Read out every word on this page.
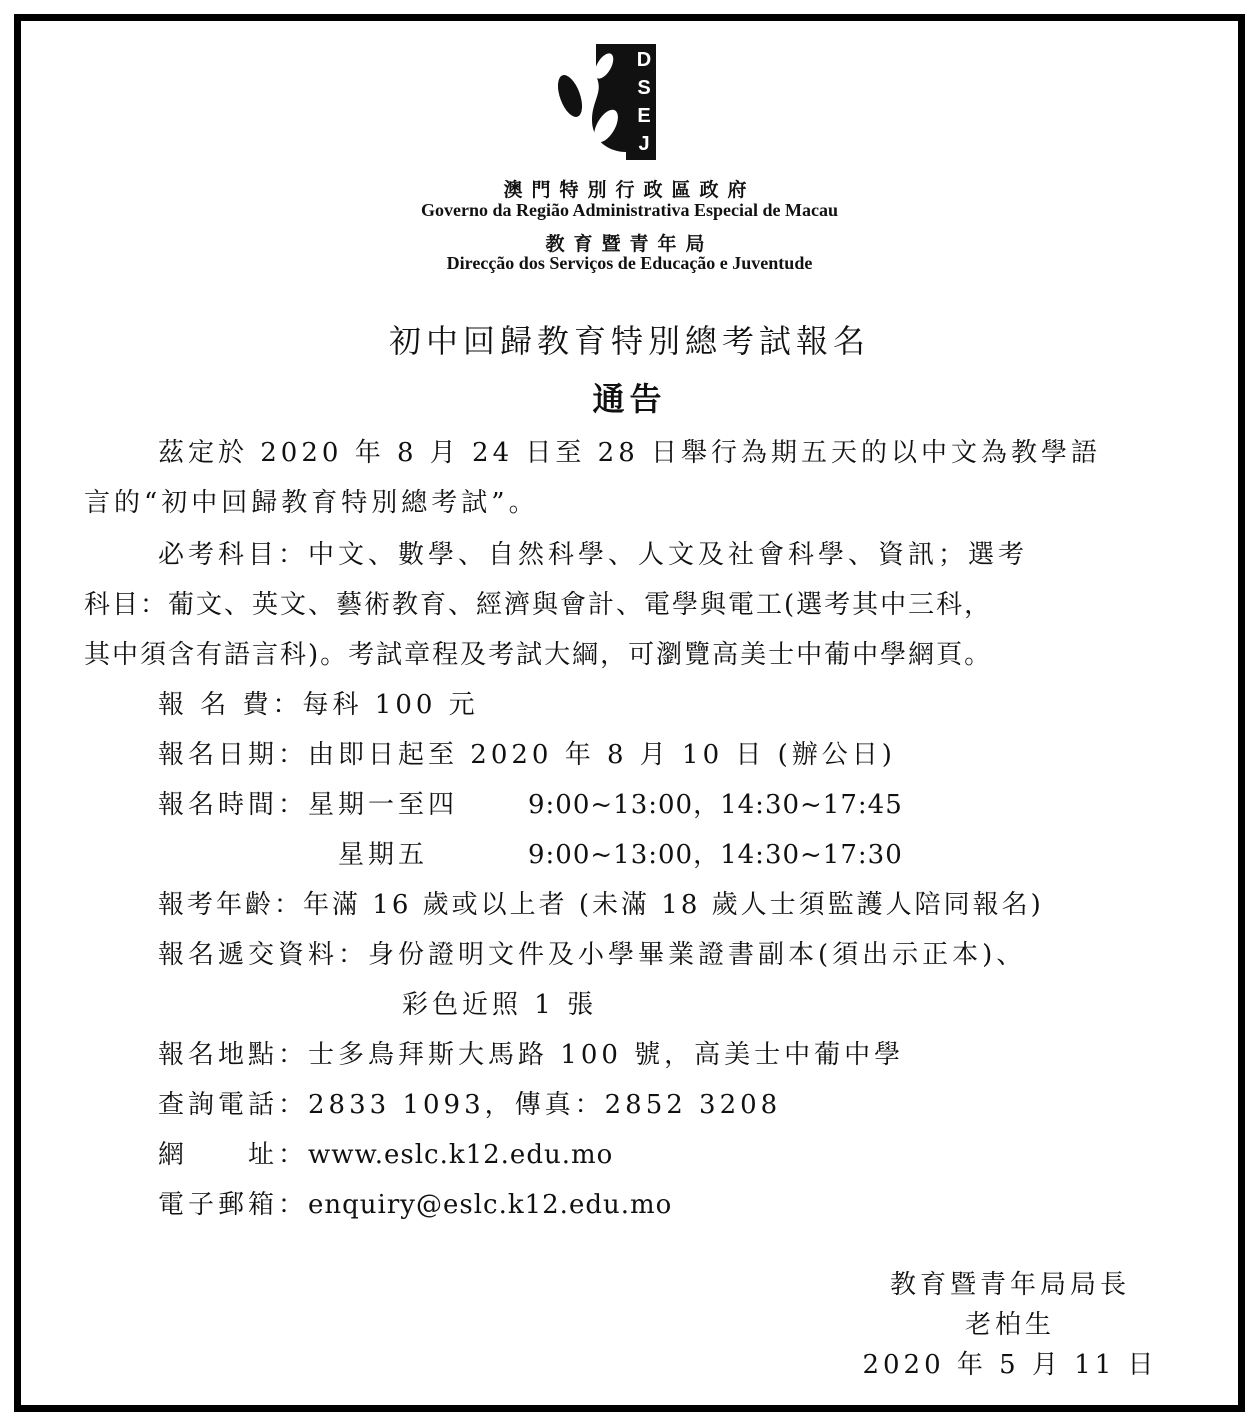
D
S
E
J
澳門特別行政區政府
Governo da Região Administrativa Especial de Macau
教育暨青年局
Direcção dos Serviços de Educação e Juventude
初中回歸教育特別總考試報名
通告
茲定於 2020 年 8 月 24 日至 28 日舉行為期五天的以中文為教學語
言的“初中回歸教育特別總考試”。
必考科目：中文、數學、自然科學、人文及社會科學、資訊；選考
科目：葡文、英文、藝術教育、經濟與會計、電學與電工(選考其中三科，
其中須含有語言科)。考試章程及考試大綱，可瀏覽高美士中葡中學網頁。
報 名 費：每科 100 元
報名日期：由即日起至 2020 年 8 月 10 日 (辦公日)
報名時間：星期一至四	9:00~13:00，14:30~17:45
星期五	9:00~13:00，14:30~17:30
報考年齡：年滿 16 歲或以上者 (未滿 18 歲人士須監護人陪同報名)
報名遞交資料：身份證明文件及小學畢業證書副本(須出示正本)、
彩色近照 1 張
報名地點：士多鳥拜斯大馬路 100 號，高美士中葡中學
查詢電話：2833 1093，傳真：2852 3208
網　　址：www.eslc.k12.edu.mo
電子郵箱：enquiry@eslc.k12.edu.mo
教育暨青年局局長
老柏生
2020 年 5 月 11 日
